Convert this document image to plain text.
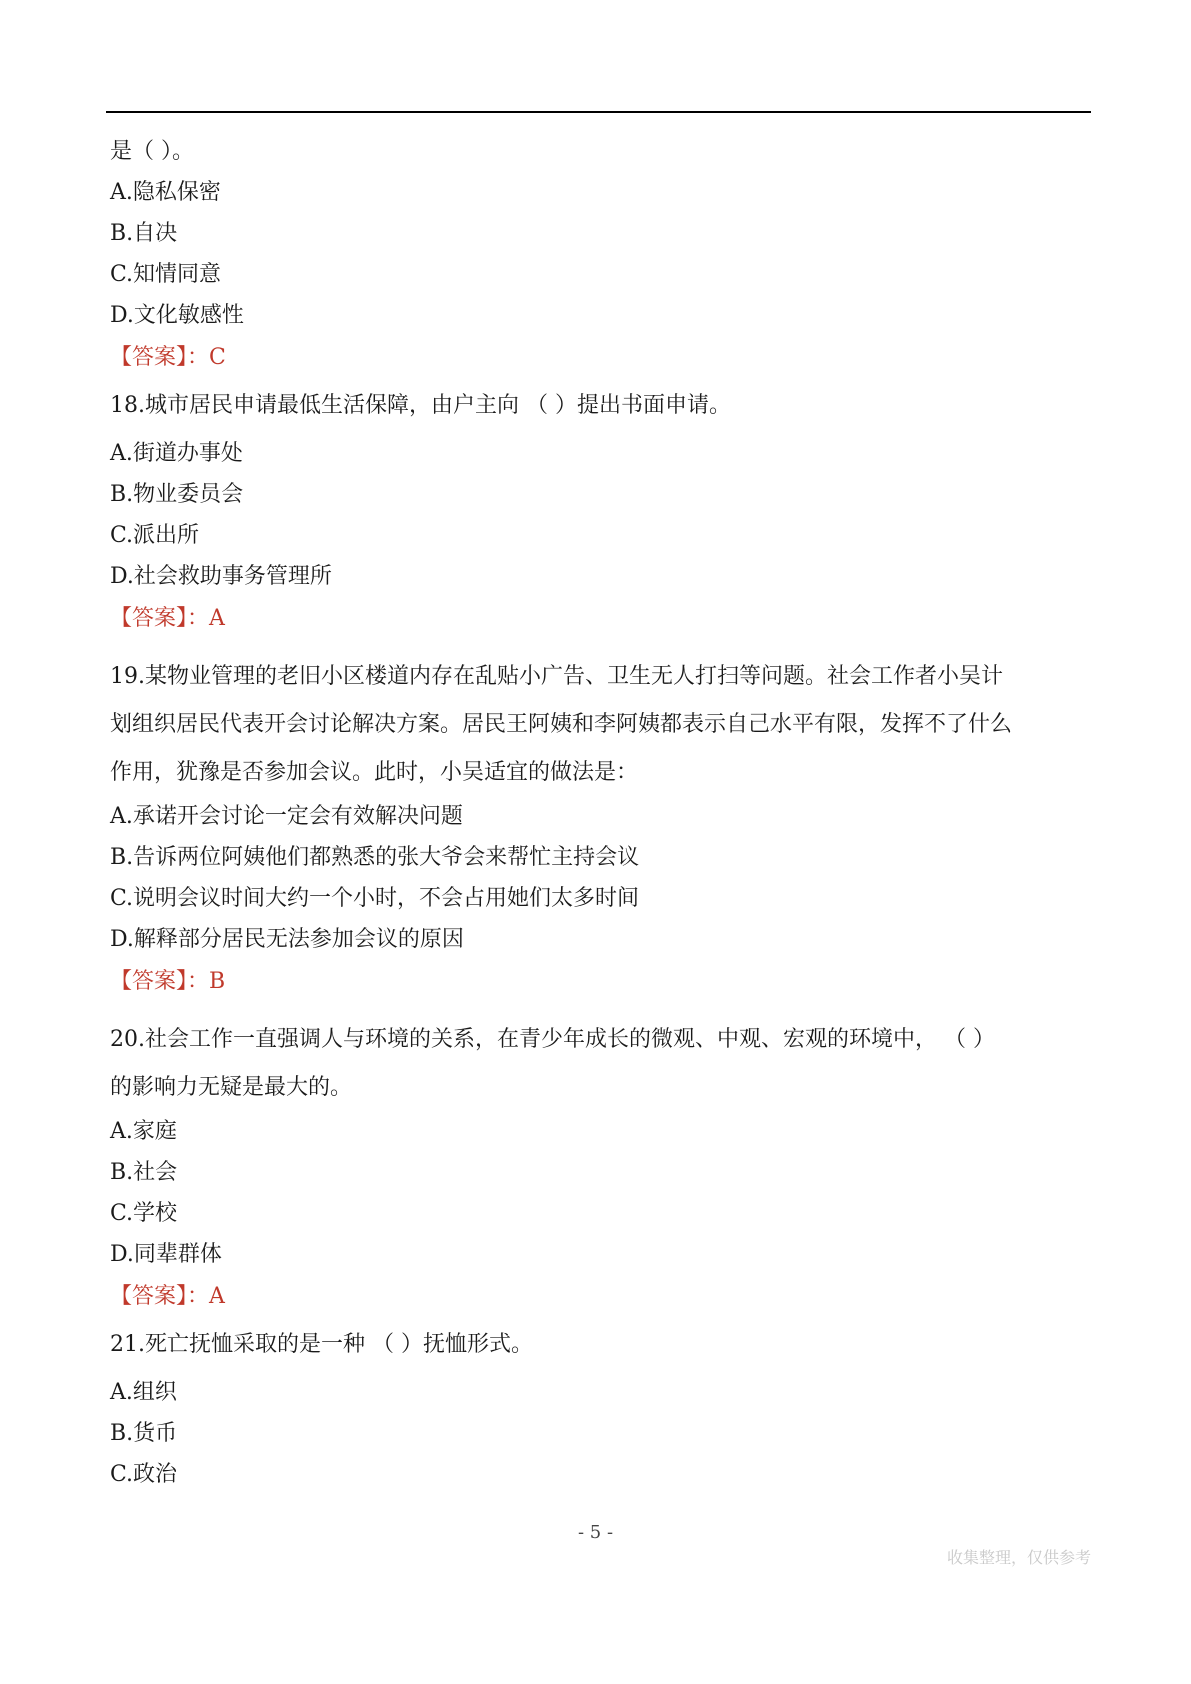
是（ ）。

A.隐私保密

B.自决

C.知情同意

D.文化敏感性

【答案】：C

18.城市居民申请最低生活保障，由户主向 （ ）提出书面申请。

A.街道办事处

B.物业委员会

C.派出所

D.社会救助事务管理所

【答案】：A

19.某物业管理的老旧小区楼道内存在乱贴小广告、卫生无人打扫等问题。社会工作者小吴计

划组织居民代表开会讨论解决方案。居民王阿姨和李阿姨都表示自己水平有限，发挥不了什么

作用，犹豫是否参加会议。此时，小吴适宜的做法是：

A.承诺开会讨论一定会有效解决问题

B.告诉两位阿姨他们都熟悉的张大爷会来帮忙主持会议

C.说明会议时间大约一个小时，不会占用她们太多时间

D.解释部分居民无法参加会议的原因

【答案】：B

20.社会工作一直强调人与环境的关系，在青少年成长的微观、中观、宏观的环境中， （ ）

的影响力无疑是最大的。

A.家庭

B.社会

C.学校

D.同辈群体

【答案】：A

21.死亡抚恤采取的是一种 （ ）抚恤形式。

A.组织

B.货币

C.政治

- 5 -
收集整理，仅供参考
